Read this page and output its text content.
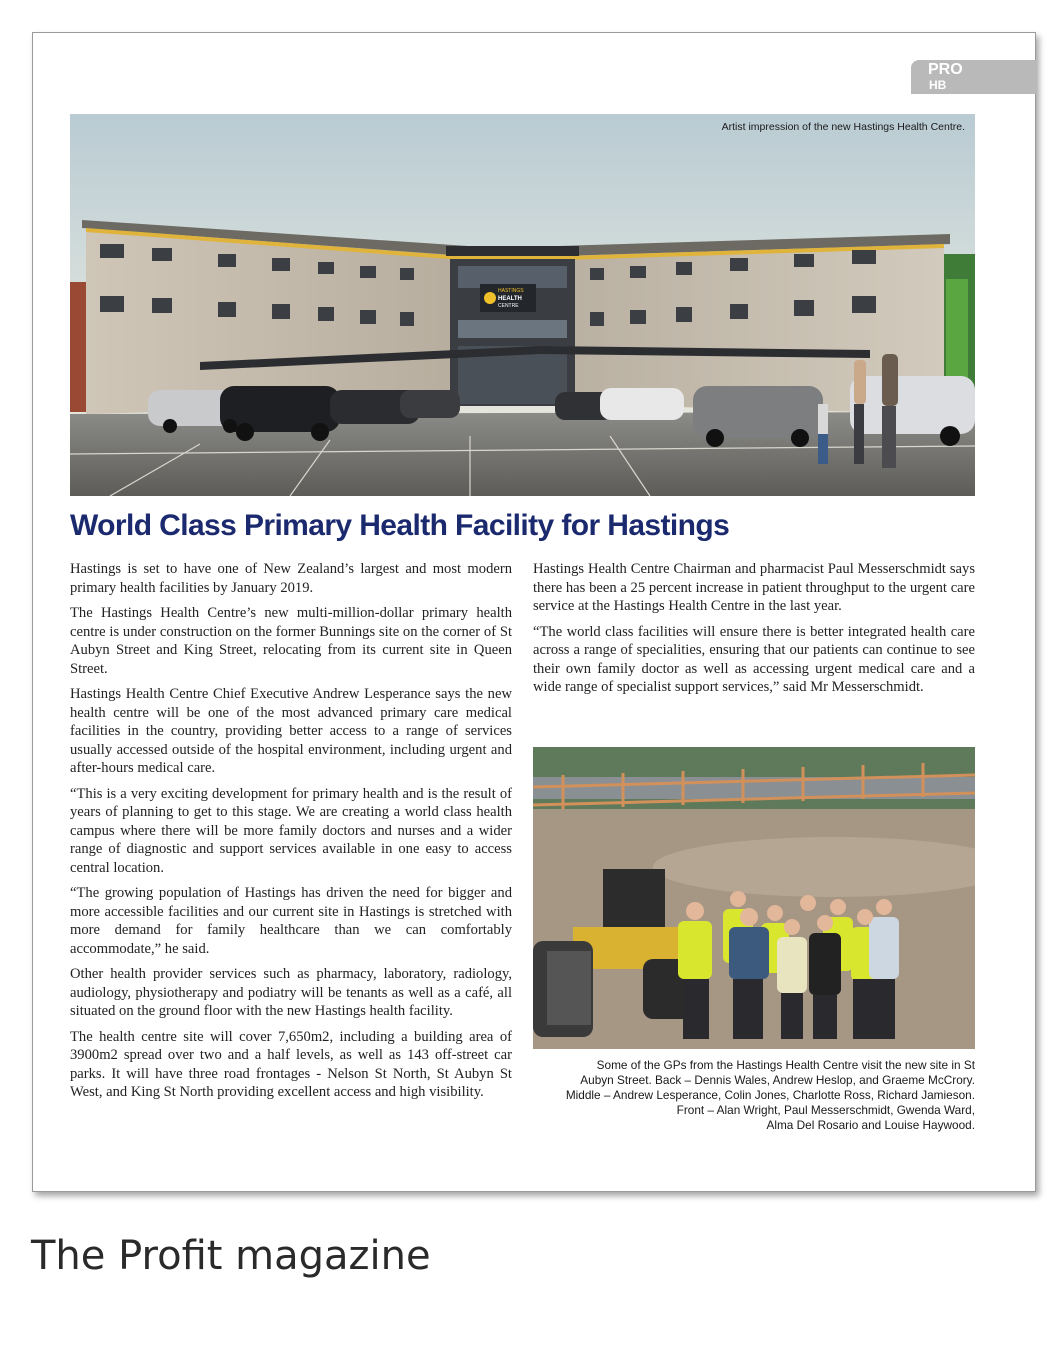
PRO
HB
HASTINGS
HEALTH
CENTRE
Artist impression of the new Hastings Health Centre.
World Class Primary Health Facility for Hastings

Hastings is set to have one of New Zealand’s largest and most modern primary health facilities by January 2019.

The Hastings Health Centre’s new multi-million-dollar primary health centre is under construction on the former Bunnings site on the corner of St Aubyn Street and King Street, relocating from its current site in Queen Street.

Hastings Health Centre Chief Executive Andrew Lesperance says the new health centre will be one of the most advanced primary care medical facilities in the country, providing better access to a range of services usually accessed outside of the hospital environment, including urgent and after-hours medical care.

“This is a very exciting development for primary health and is the result of years of planning to get to this stage. We are creating a world class health campus where there will be more family doctors and nurses and a wider range of diagnostic and support services available in one easy to access central location.

“The growing population of Hastings has driven the need for bigger and more accessible facilities and our current site in Hastings is stretched with more demand for family healthcare than we can comfortably accommodate,” he said.

Other health provider services such as pharmacy, laboratory, radiology, audiology, physiotherapy and podiatry will be tenants as well as a café, all situated on the ground floor with the new Hastings health facility.

The health centre site will cover 7,650m2, including a building area of 3900m2 spread over two and a half levels, as well as 143 off-street car parks. It will have three road frontages - Nelson St North, St Aubyn St West, and King St North providing excellent access and high visibility.

Hastings Health Centre Chairman and pharmacist Paul Messerschmidt says there has been a 25 percent increase in patient throughput to the urgent care service at the Hastings Health Centre in the last year.

“The world class facilities will ensure there is better integrated health care across a range of specialities, ensuring that our patients can continue to see their own family doctor as well as accessing urgent medical care and a wide range of specialist support services,” said Mr Messerschmidt.

Some of the GPs from the Hastings Health Centre visit the new site in St
Aubyn Street. Back – Dennis Wales, Andrew Heslop, and Graeme McCrory.
Middle – Andrew Lesperance, Colin Jones, Charlotte Ross, Richard Jamieson.
Front – Alan Wright, Paul Messerschmidt, Gwenda Ward,
Alma Del Rosario and Louise Haywood.
The Profit magazine
